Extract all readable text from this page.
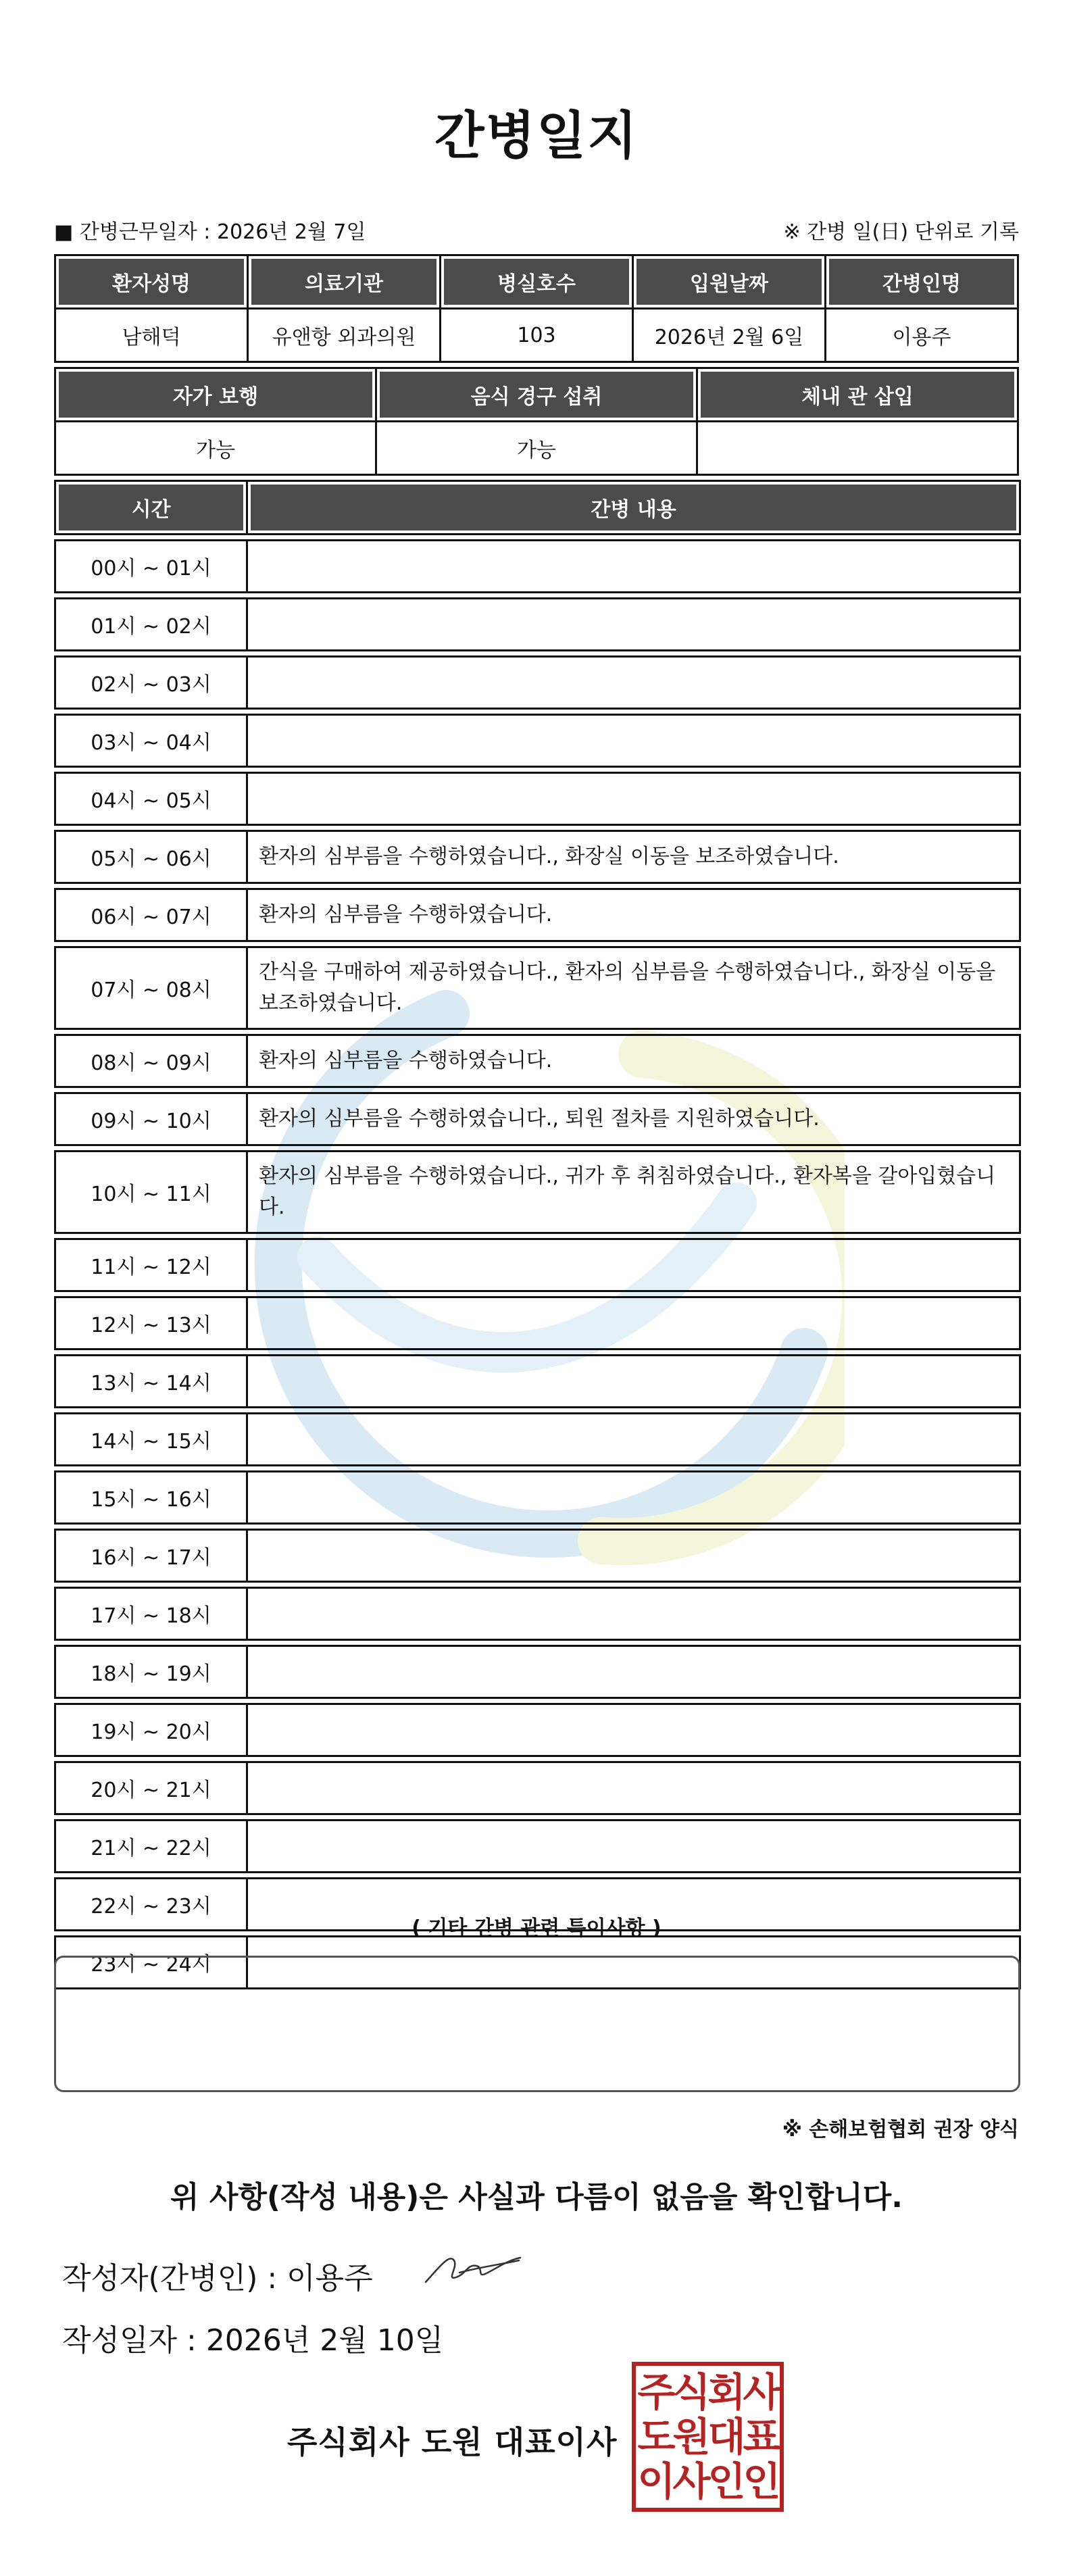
간병일지
■ 간병근무일자 : 2026년 2월 7일	※ 간병 일(日) 단위로 기록
환자성명	의료기관	병실호수	입원날짜	간병인명
남해덕	유앤항 외과의원	103	2026년 2월 6일	이용주
자가 보행	음식 경구 섭취	체내 관 삽입
가능	가능	
시간	간병 내용

00시 ~ 01시	

01시 ~ 02시	

02시 ~ 03시	

03시 ~ 04시	

04시 ~ 05시	

05시 ~ 06시	환자의 심부름을 수행하였습니다., 화장실 이동을 보조하였습니다.

06시 ~ 07시	환자의 심부름을 수행하였습니다.

07시 ~ 08시	간식을 구매하여 제공하였습니다., 환자의 심부름을 수행하였습니다., 화장실 이동을 보조하였습니다.

08시 ~ 09시	환자의 심부름을 수행하였습니다.

09시 ~ 10시	환자의 심부름을 수행하였습니다., 퇴원 절차를 지원하였습니다.

10시 ~ 11시	환자의 심부름을 수행하였습니다., 귀가 후 취침하였습니다., 환자복을 갈아입혔습니다.

11시 ~ 12시	

12시 ~ 13시	

13시 ~ 14시	

14시 ~ 15시	

15시 ~ 16시	

16시 ~ 17시	

17시 ~ 18시	

18시 ~ 19시	

19시 ~ 20시	

20시 ~ 21시	

21시 ~ 22시	

22시 ~ 23시	

23시 ~ 24시	
( 기타 간병 관련 특이사항 )
※ 손해보험협회 권장 양식
위 사항(작성 내용)은 사실과 다름이 없음을 확인합니다.
작성자(간병인) : 이용주
작성일자 : 2026년 2월 10일
주식회사 도원 대표이사
주식회사
도원대표
이사인인
